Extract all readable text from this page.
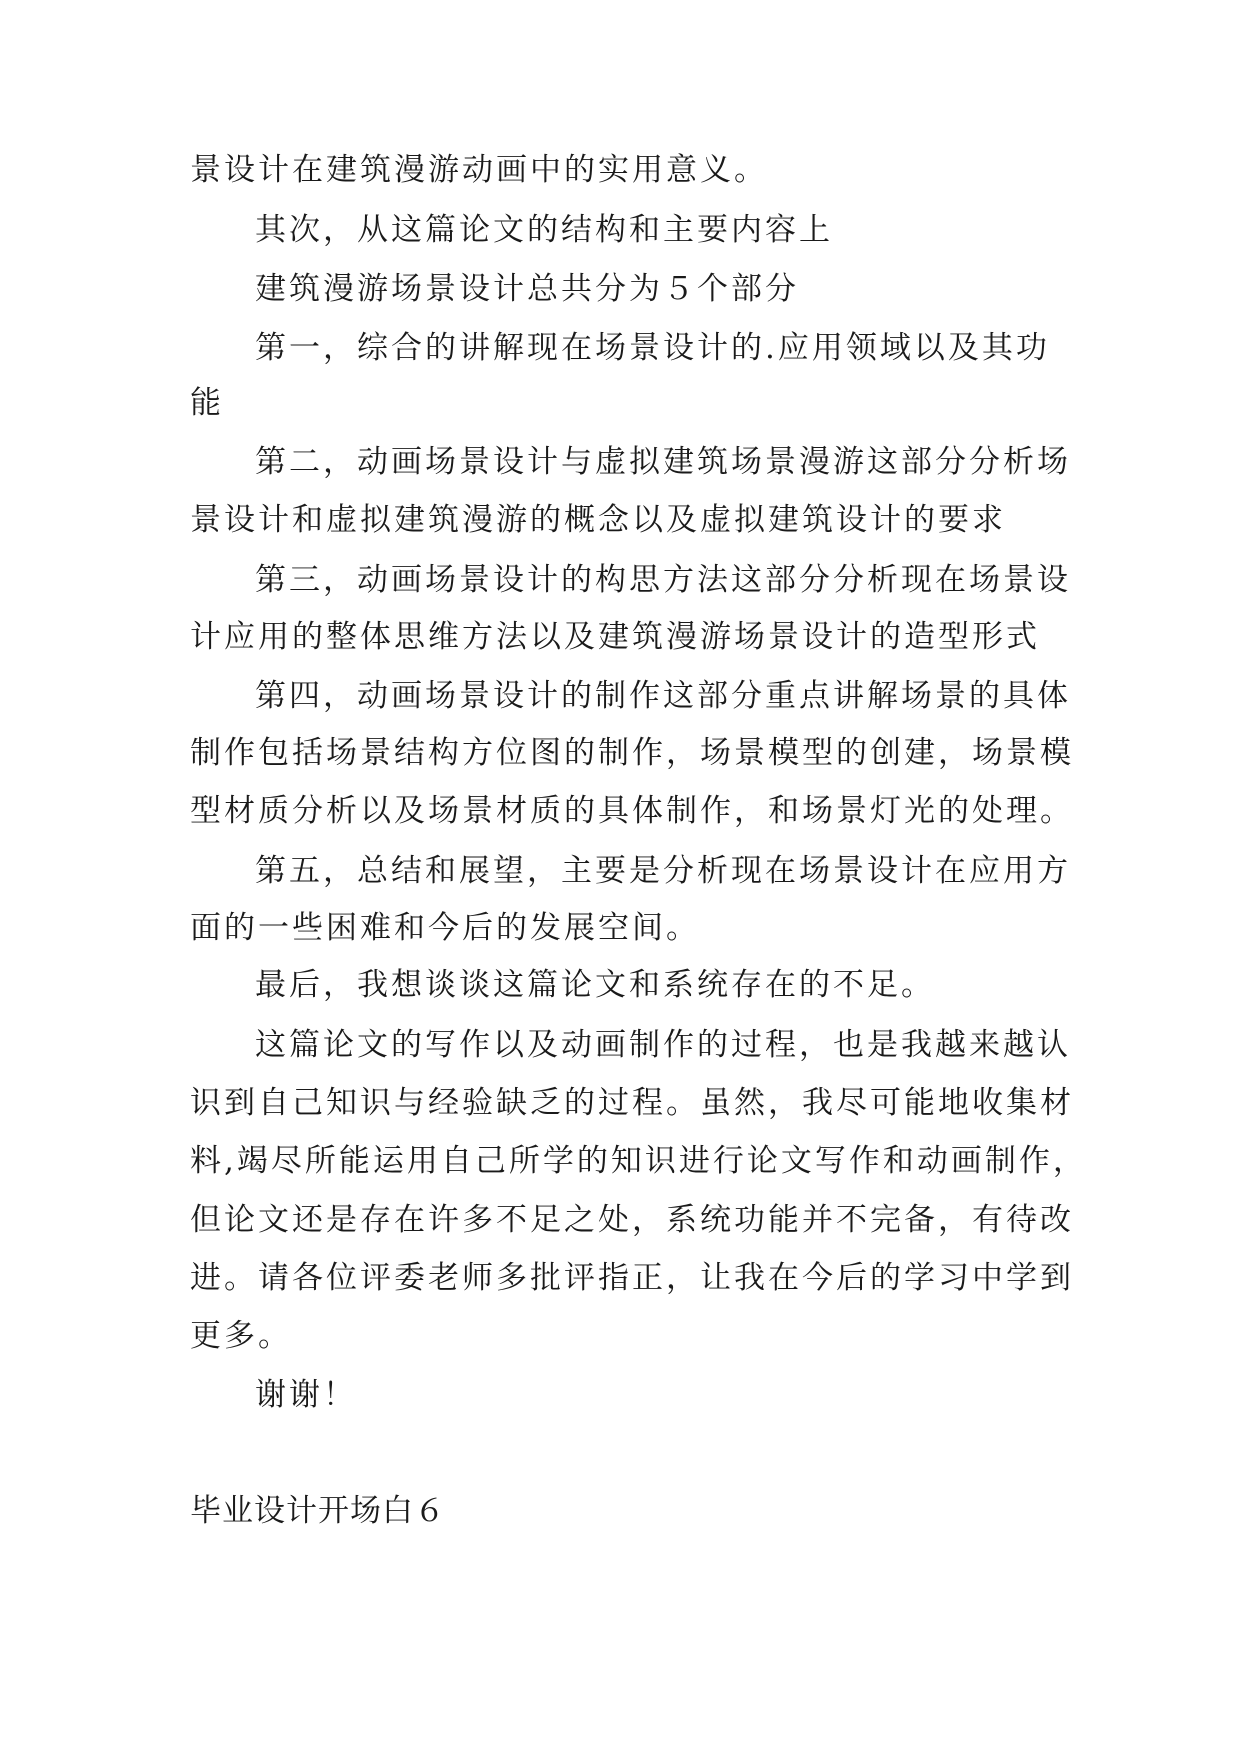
景设计在建筑漫游动画中的实用意义。
其次，从这篇论文的结构和主要内容上
建筑漫游场景设计总共分为５个部分
第一，综合的讲解现在场景设计的.应用领域以及其功
能
第二，动画场景设计与虚拟建筑场景漫游这部分分析场
景设计和虚拟建筑漫游的概念以及虚拟建筑设计的要求
第三，动画场景设计的构思方法这部分分析现在场景设
计应用的整体思维方法以及建筑漫游场景设计的造型形式
第四，动画场景设计的制作这部分重点讲解场景的具体
制作包括场景结构方位图的制作，场景模型的创建，场景模
型材质分析以及场景材质的具体制作，和场景灯光的处理。
第五，总结和展望，主要是分析现在场景设计在应用方
面的一些困难和今后的发展空间。
最后，我想谈谈这篇论文和系统存在的不足。
这篇论文的写作以及动画制作的过程，也是我越来越认
识到自己知识与经验缺乏的过程。虽然，我尽可能地收集材
料,竭尽所能运用自己所学的知识进行论文写作和动画制作，
但论文还是存在许多不足之处，系统功能并不完备，有待改
进。请各位评委老师多批评指正，让我在今后的学习中学到
更多。
谢谢！
毕业设计开场白６
